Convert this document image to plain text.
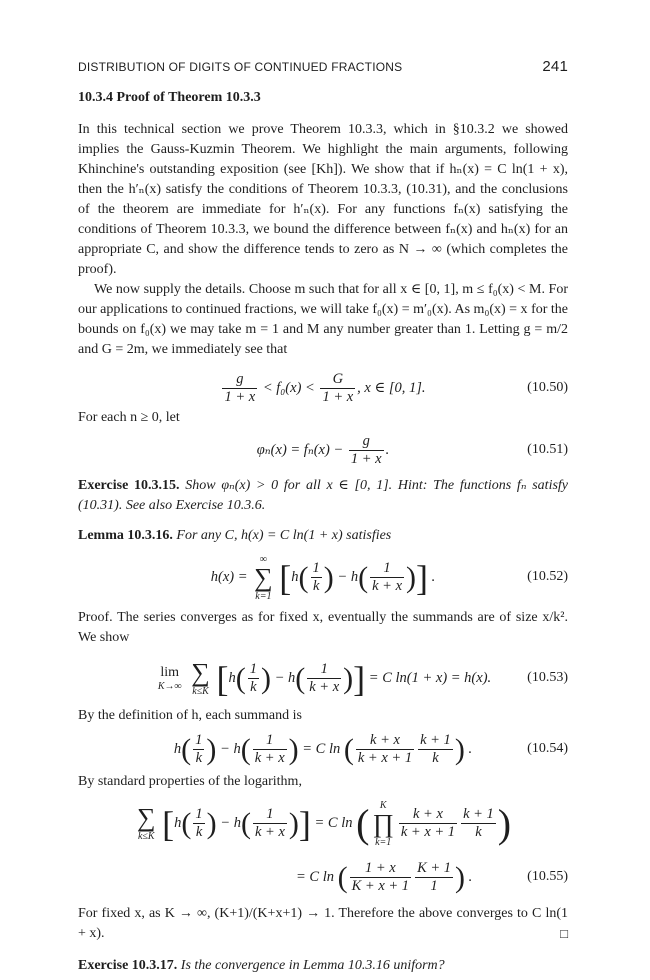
DISTRIBUTION OF DIGITS OF CONTINUED FRACTIONS	241
10.3.4 Proof of Theorem 10.3.3

In this technical section we prove Theorem 10.3.3, which in §10.3.2 we showed implies the Gauss-Kuzmin Theorem. We highlight the main arguments, following Khinchine's outstanding exposition (see [Kh]). We show that if hₙ(x) = C ln(1 + x), then the h′ₙ(x) satisfy the conditions of Theorem 10.3.3, (10.31), and the conclusions of the theorem are immediate for h′ₙ(x). For any functions fₙ(x) satisfying the conditions of Theorem 10.3.3, we bound the difference between fₙ(x) and hₙ(x) for an appropriate C, and show the difference tends to zero as N → ∞ (which completes the proof).

We now supply the details. Choose m such that for all x ∈ [0, 1], m ≤ f₀(x) < M. For our applications to continued fractions, we will take f₀(x) = m′₀(x). As m₀(x) = x for the bounds on f₀(x) we may take m = 1 and M any number greater than 1. Letting g = m/2 and G = 2m, we immediately see that

$\frac{g}{1 + x} < f_0(x) < \frac{G}{1 + x}$ , x ∈ [0, 1].	(10.50)

For each n ≥ 0, let

$\varphi_n(x) = f_n(x) - \frac{g}{1 + x}$ .	(10.51)

Exercise 10.3.15. Show φₙ(x) > 0 for all x ∈ [0, 1]. Hint: The functions fₙ satisfy (10.31). See also Exercise 10.3.6.

Lemma 10.3.16. For any C, h(x) = C ln(1 + x) satisfies

h(x) =
∞
∑
k=1 [$h( \frac{1}{k}$ ) − $h( \frac{1}{k + x}$ )] .	(10.52)

Proof. The series converges as for fixed x, eventually the summands are of size x/k². We show

lim
K→∞
∑
k≤K [$h( \frac{1}{k}$ ) − $h( \frac{1}{k + x}$ )] = C ln(1 + x) = h(x).	(10.53)

By the definition of h, each summand is

$h( \frac{1}{k}$ ) − $h( \frac{1}{k + x}$ ) = C ln ( $\frac{k + x}{k + x + 1} \frac{k + 1}{k}$ ) .	(10.54)

By standard properties of the logarithm,

∑
k≤K [$h( \frac{1}{k}$ ) − $h( \frac{1}{k + x}$ )] = C ln (	K
∏
k=1
$\frac{k + x}{k + x + 1} \frac{k + 1}{k}$ )
= C ln ( $\frac{1 + x}{K + x + 1} \frac{K + 1}{1}$ ) .	(10.55)

For fixed x, as K → ∞, (K+1)/(K+x+1) → 1. Therefore the above converges to C ln(1 + x).	□

Exercise 10.3.17. Is the convergence in Lemma 10.3.16 uniform?
